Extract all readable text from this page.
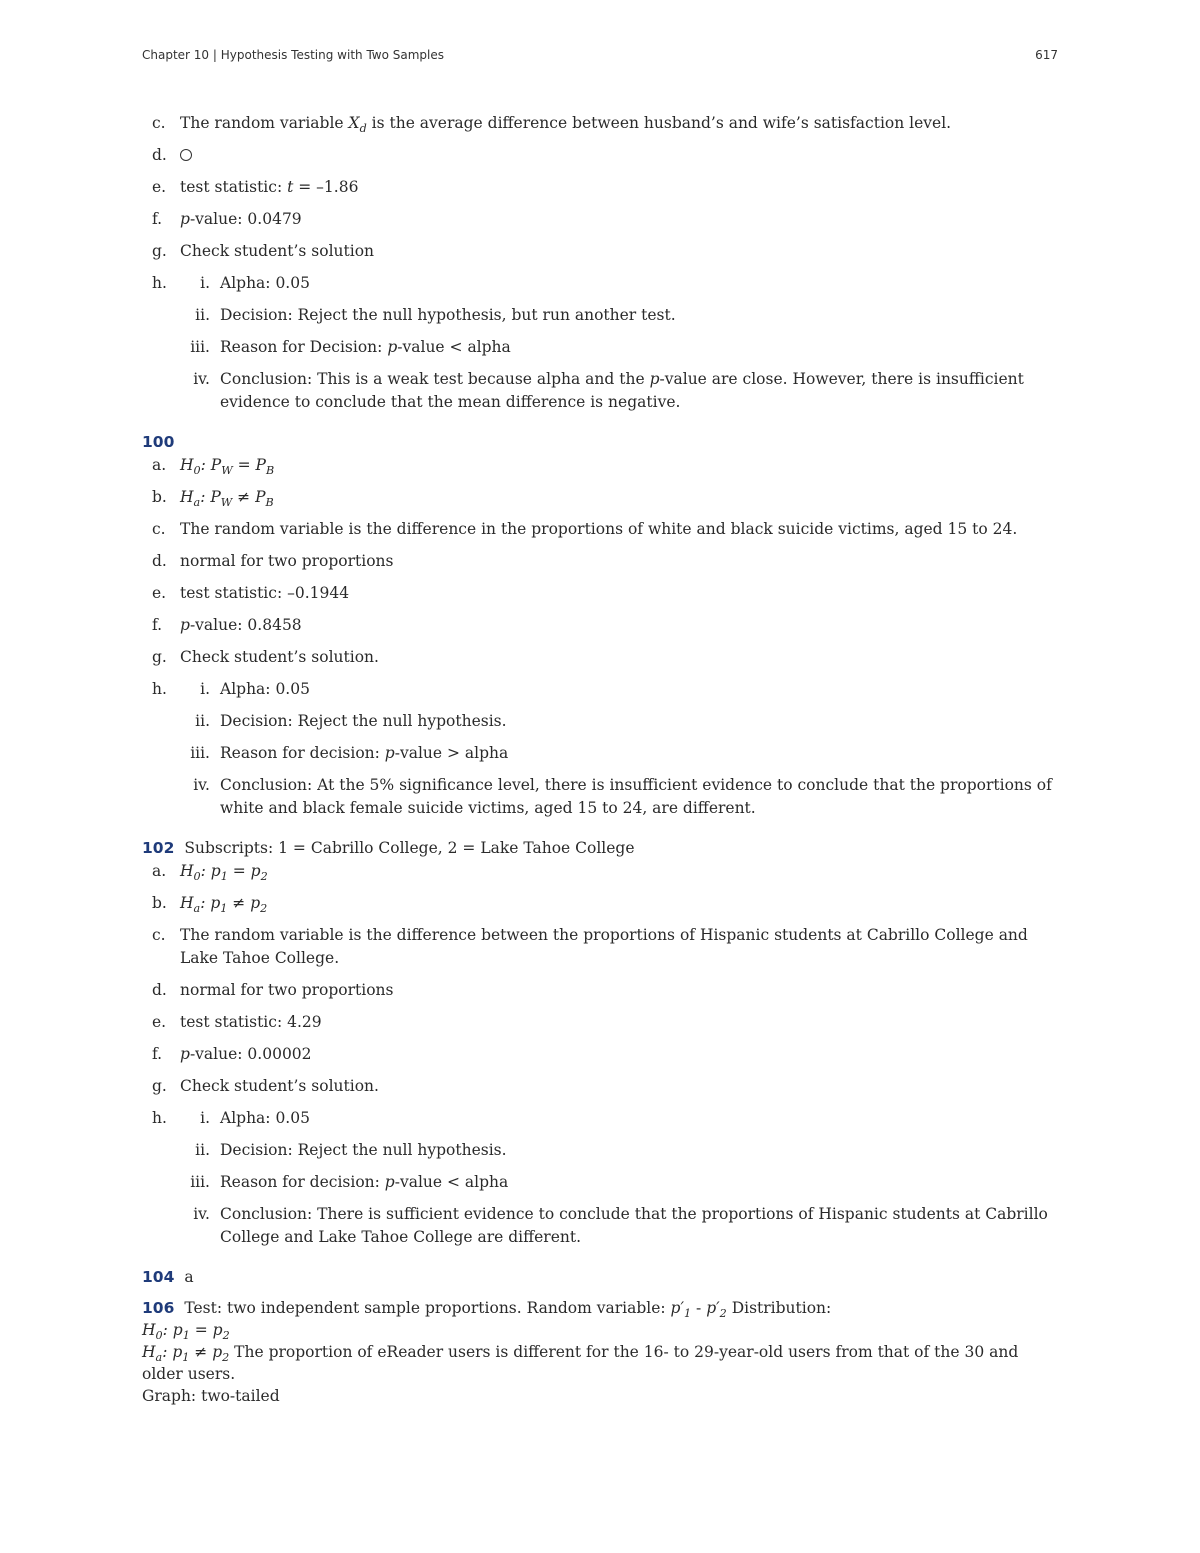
Chapter 10 | Hypothesis Testing with Two Samples	617
c. The random variable $X_d$ is the average difference between husband’s and wife’s satisfaction level.
d.
e. test statistic: t = –1.86
f.	p-value: 0.0479
g. Check student’s solution
h.	i. Alpha: 0.05
ii. Decision: Reject the null hypothesis, but run another test.
iii. Reason for Decision: p-value < alpha
iv. Conclusion: This is a weak test because alpha and the p-value are close. However, there is insufficient evidence to conclude that the mean difference is negative.
100
a. $H_0$: $P_W = P_B$
b. $H_a$: $P_W \ne P_B$
c. The random variable is the difference in the proportions of white and black suicide victims, aged 15 to 24.
d. normal for two proportions
e. test statistic: –0.1944
f.	p-value: 0.8458
g. Check student’s solution.
h.	i. Alpha: 0.05
ii. Decision: Reject the null hypothesis.
iii. Reason for decision: p-value > alpha
iv. Conclusion: At the 5% significance level, there is insufficient evidence to conclude that the proportions of white and black female suicide victims, aged 15 to 24, are different.
102 Subscripts: 1 = Cabrillo College, 2 = Lake Tahoe College
a. $H_0$: $p_1 = p_2$
b. $H_a$: $p_1 \ne p_2$
c. The random variable is the difference between the proportions of Hispanic students at Cabrillo College and Lake Tahoe College.
d. normal for two proportions
e. test statistic: 4.29
f.	p-value: 0.00002
g. Check student’s solution.
h.	i. Alpha: 0.05
ii. Decision: Reject the null hypothesis.
iii. Reason for decision: p-value < alpha
iv. Conclusion: There is sufficient evidence to conclude that the proportions of Hispanic students at Cabrillo College and Lake Tahoe College are different.
104 a
106 Test: two independent sample proportions. Random variable: $p'_1 - p'_2$ Distribution:
$H_0$: $p_1 = p_2$
$H_a$: $p_1 \ne p_2$ The proportion of eReader users is different for the 16- to 29-year-old users from that of the 30 and older users.
Graph: two-tailed
